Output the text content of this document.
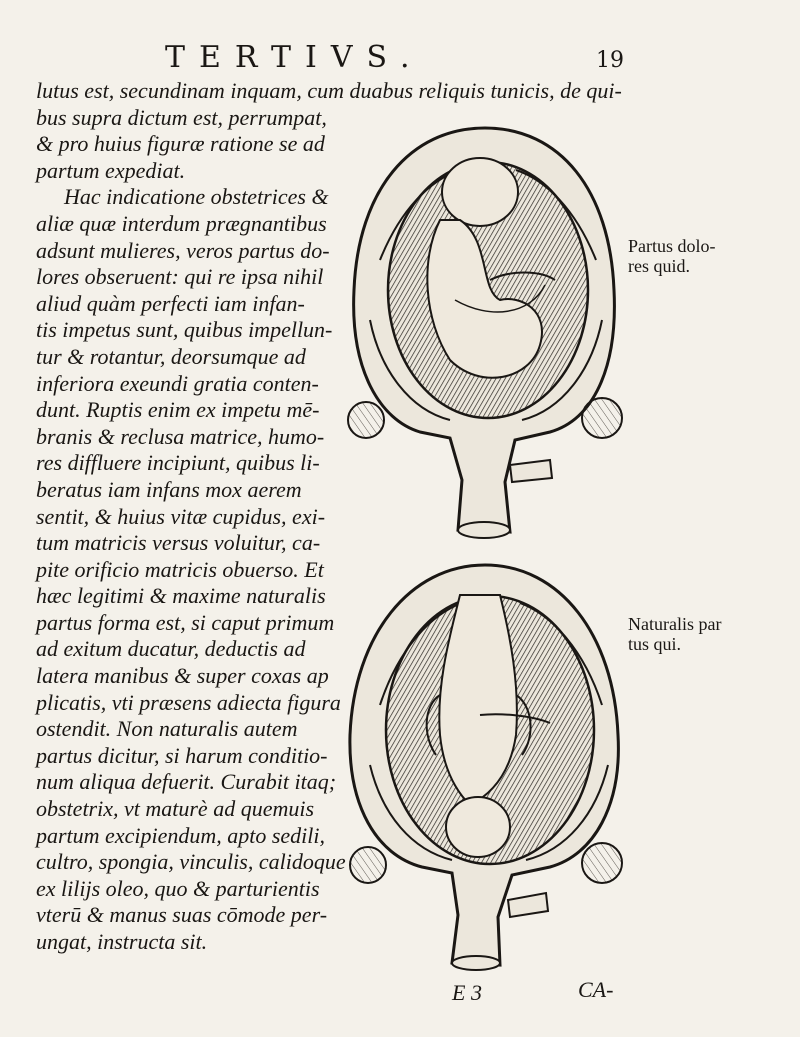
TERTIVS.	19
lutus est, secundinam inquam, cum duabus reliquis tunicis, de qui-
bus supra dictum est, perrumpat,
& pro huius figuræ ratione se ad
partum expediat.
Hac indicatione obstetrices &
aliæ quæ interdum prægnantibus
adsunt mulieres, veros partus do-
lores obseruent: qui re ipsa nihil
aliud quàm perfecti iam infan-
tis impetus sunt, quibus impellun-
tur & rotantur, deorsumque ad
inferiora exeundi gratia conten-
dunt. Ruptis enim ex impetu mē-
branis & reclusa matrice, humo-
res diffluere incipiunt, quibus li-
beratus iam infans mox aerem
sentit, & huius vitæ cupidus, exi-
tum matricis versus voluitur, ca-
pite orificio matricis obuerso. Et
hæc legitimi & maxime naturalis
partus forma est, si caput primum
ad exitum ducatur, deductis ad
latera manibus & super coxas ap
plicatis, vti præsens adiecta figura
ostendit. Non naturalis autem
partus dicitur, si harum conditio-
num aliqua defuerit. Curabit itaq;
obstetrix, vt maturè ad quemuis
partum excipiendum, apto sedili,
cultro, spongia, vinculis, calidoque
ex lilijs oleo, quo & parturientis
vterū & manus suas cōmode per-
ungat, instructa sit.
Partus dolo-
res quid.
Naturalis par
tus qui.
E 3	CA-
